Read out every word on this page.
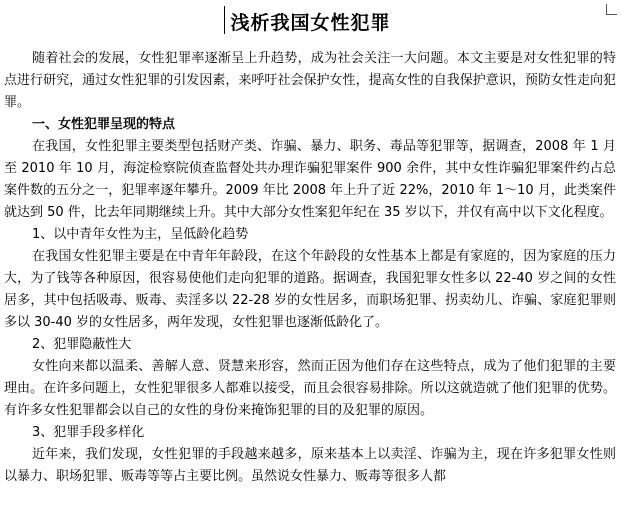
浅析我国女性犯罪

随着社会的发展，女性犯罪率逐渐呈上升趋势，成为社会关注一大问题。本文主要是对女性犯罪的特点进行研究，通过女性犯罪的引发因素，来呼吁社会保护女性，提高女性的自我保护意识，预防女性走向犯罪。

一、女性犯罪呈现的特点

在我国，女性犯罪主要类型包括财产类、诈骗、暴力、职务、毒品等犯罪等，据调查，2008 年 1 月至 2010 年 10 月，海淀检察院侦查监督处共办理诈骗犯罪案件 900 余件，其中女性诈骗犯罪案件约占总案件数的五分之一，犯罪率逐年攀升。2009 年比 2008 年上升了近 22%，2010 年 1～10 月，此类案件就达到 50 件，比去年同期继续上升。其中大部分女性案犯年纪在 35 岁以下，并仅有高中以下文化程度。

1、以中青年女性为主，呈低龄化趋势

在我国女性犯罪主要是在中青年年龄段，在这个年龄段的女性基本上都是有家庭的，因为家庭的压力大，为了钱等各种原因，很容易使他们走向犯罪的道路。据调查，我国犯罪女性多以 22-40 岁之间的女性居多，其中包括吸毒、贩毒、卖淫多以 22-28 岁的女性居多，而职场犯罪、拐卖幼儿、诈骗、家庭犯罪则多以 30-40 岁的女性居多，两年发现，女性犯罪也逐渐低龄化了。

2、犯罪隐蔽性大

女性向来都以温柔、善解人意、贤慧来形容，然而正因为他们存在这些特点，成为了他们犯罪的主要理由。在许多问题上，女性犯罪很多人都难以接受，而且会很容易排除。所以这就造就了他们犯罪的优势。有许多女性犯罪都会以自己的女性的身份来掩饰犯罪的目的及犯罪的原因。

3、犯罪手段多样化

近年来，我们发现，女性犯罪的手段越来越多，原来基本上以卖淫、诈骗为主，现在许多犯罪女性则以暴力、职场犯罪、贩毒等等占主要比例。虽然说女性暴力、贩毒等很多人都
